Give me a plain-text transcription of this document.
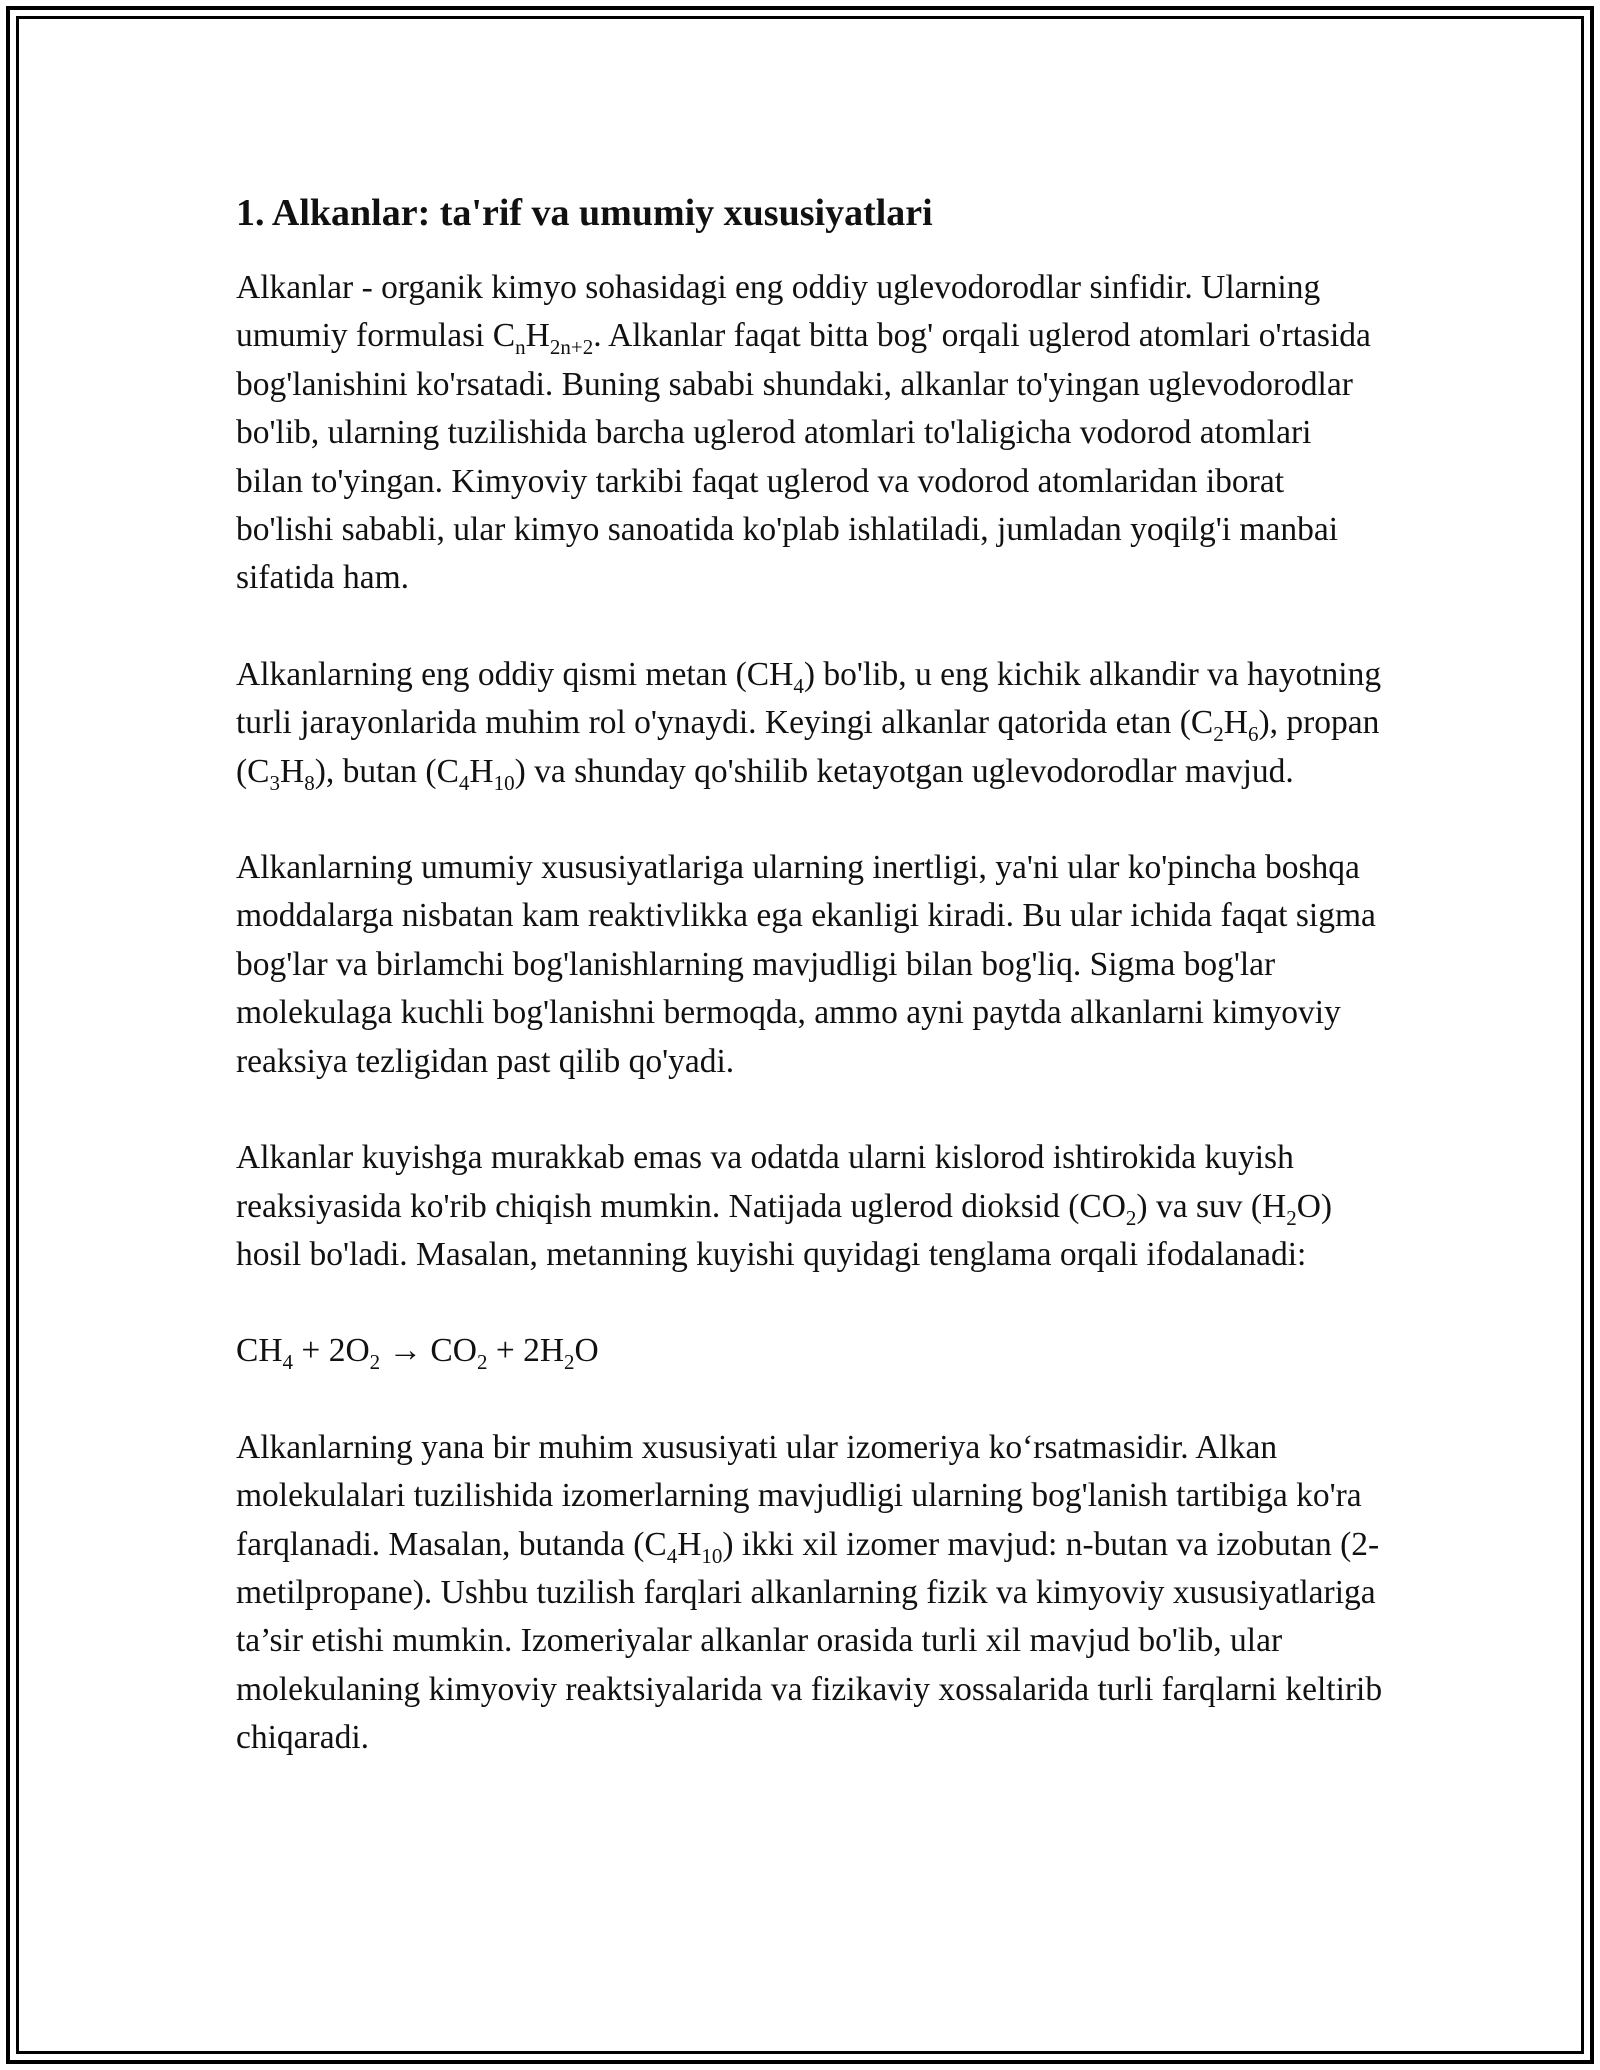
1. Alkanlar: ta'rif va umumiy xususiyatlari

Alkanlar - organik kimyo sohasidagi eng oddiy uglevodorodlar sinfidir. Ularning umumiy formulasi $C_nH_{2n+2}$. Alkanlar faqat bitta bog' orqali uglerod atomlari o'rtasida bog'lanishini ko'rsatadi. Buning sababi shundaki, alkanlar to'yingan uglevodorodlar bo'lib, ularning tuzilishida barcha uglerod atomlari to'laligicha vodorod atomlari bilan to'yingan. Kimyoviy tarkibi faqat uglerod va vodorod atomlaridan iborat bo'lishi sababli, ular kimyo sanoatida ko'plab ishlatiladi, jumladan yoqilg'i manbai sifatida ham.

Alkanlarning eng oddiy qismi metan $(CH_4)$ bo'lib, u eng kichik alkandir va hayotning turli jarayonlarida muhim rol o'ynaydi. Keyingi alkanlar qatorida etan $(C_2H_6)$, propan $(C_3H_8)$, butan $(C_4H_{10})$ va shunday qo'shilib ketayotgan uglevodorodlar mavjud.

Alkanlarning umumiy xususiyatlariga ularning inertligi, ya'ni ular ko'pincha boshqa moddalarga nisbatan kam reaktivlikka ega ekanligi kiradi. Bu ular ichida faqat sigma bog'lar va birlamchi bog'lanishlarning mavjudligi bilan bog'liq. Sigma bog'lar molekulaga kuchli bog'lanishni bermoqda, ammo ayni paytda alkanlarni kimyoviy reaksiya tezligidan past qilib qo'yadi.

Alkanlar kuyishga murakkab emas va odatda ularni kislorod ishtirokida kuyish reaksiyasida ko'rib chiqish mumkin. Natijada uglerod dioksid $(CO_2)$ va suv $(H_2O)$ hosil bo'ladi. Masalan, metanning kuyishi quyidagi tenglama orqali ifodalanadi:

$CH_4 + 2O_2 \to CO_2 + 2H_2O$

Alkanlarning yana bir muhim xususiyati ular izomeriya ko‘rsatmasidir. Alkan molekulalari tuzilishida izomerlarning mavjudligi ularning bog'lanish tartibiga ko'ra farqlanadi. Masalan, butanda $(C_4H_{10})$ ikki xil izomer mavjud: n-butan va izobutan (2-metilpropane). Ushbu tuzilish farqlari alkanlarning fizik va kimyoviy xususiyatlariga ta’sir etishi mumkin. Izomeriyalar alkanlar orasida turli xil mavjud bo'lib, ular molekulaning kimyoviy reaktsiyalarida va fizikaviy xossalarida turli farqlarni keltirib chiqaradi.
